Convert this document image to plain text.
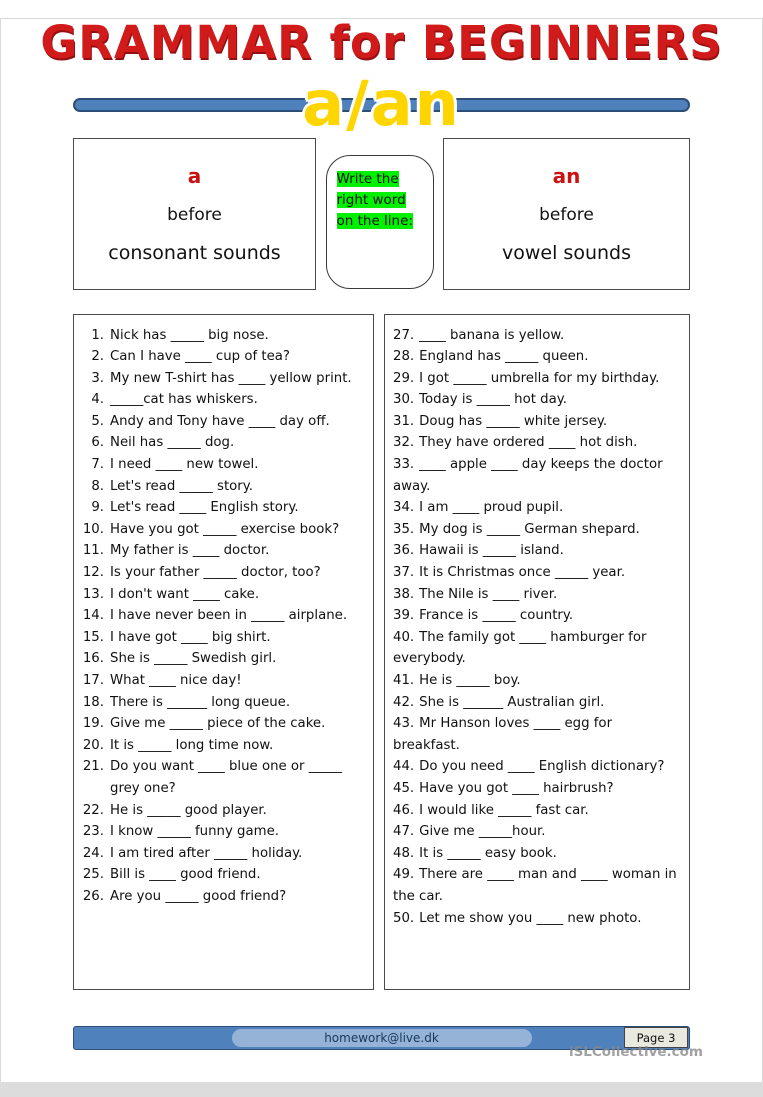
GRAMMAR for BEGINNERS
a/an
a
before
consonant sounds
Write the right word on the line:
an
before
vowel sounds
1. Nick has _____ big nose.
2. Can I have ____ cup of tea?
3. My new T-shirt has ____ yellow print.
4. _____cat has whiskers.
5. Andy and Tony have ____ day off.
6. Neil has _____ dog.
7. I need ____ new towel.
8. Let's read _____ story.
9. Let's read ____ English story.
10. Have you got _____ exercise book?
11. My father is ____ doctor.
12. Is your father _____ doctor, too?
13. I don't want ____ cake.
14. I have never been in _____ airplane.
15. I have got ____ big shirt.
16. She is _____ Swedish girl.
17. What ____ nice day!
18. There is ______ long queue.
19. Give me _____ piece of the cake.
20. It is _____ long time now.
21. Do you want ____ blue one or _____ grey one?
22. He is _____ good player.
23. I know _____ funny game.
24. I am tired after _____ holiday.
25. Bill is ____ good friend.
26. Are you _____ good friend?
27. ____ banana is yellow.
28. England has _____ queen.
29. I got _____ umbrella for my birthday.
30. Today is _____ hot day.
31. Doug has _____ white jersey.
32. They have ordered ____ hot dish.
33. ____ apple ____ day keeps the doctor away.
34. I am ____ proud pupil.
35. My dog is _____ German shepard.
36. Hawaii is _____ island.
37. It is Christmas once _____ year.
38. The Nile is ____ river.
39. France is _____ country.
40. The family got ____ hamburger for everybody.
41. He is _____ boy.
42. She is ______ Australian girl.
43. Mr Hanson loves ____ egg for breakfast.
44. Do you need ____ English dictionary?
45. Have you got ____ hairbrush?
46. I would like _____ fast car.
47. Give me _____hour.
48. It is _____ easy book.
49. There are ____ man and ____ woman in the car.
50. Let me show you ____ new photo.
homework@live.dk	Page 3
iSLCollective.com
